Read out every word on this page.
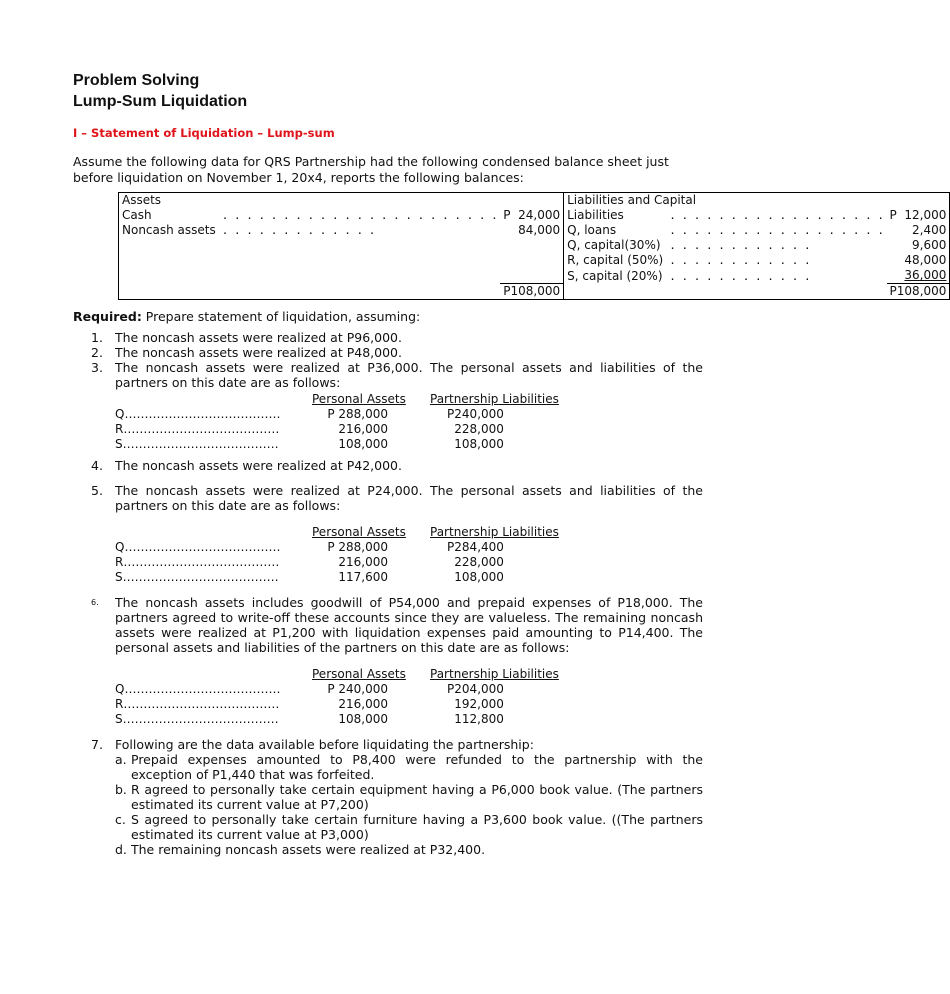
Problem Solving
Lump-Sum Liquidation
I – Statement of Liquidation – Lump-sum

Assume the following data for QRS Partnership had the following condensed balance sheet just before liquidation on November 1, 20x4, reports the following balances:

Assets			Liabilities and Capital		
Cash	. . . . . . . . . . . . . . . . . . . . . . .	P  24,000	Liabilities	. . . . . . . . . . . . . . . . . .	P  12,000
Noncash assets	. . . . . . . . . . . . .	84,000	Q, loans	. . . . . . . . . . . . . . . . . .	2,400
			Q, capital(30%)	. . . . . . . . . . . .	9,600
			R, capital (50%)	. . . . . . . . . . . .	48,000
			S, capital (20%)	. . . . . . . . . . . .	36,000
		P108,000			P108,000

Required: Prepare statement of liquidation, assuming:

1. The noncash assets were realized at P96,000.
2. The noncash assets were realized at P48,000.
3. The noncash assets were realized at P36,000. The personal assets and liabilities of the partners on this date are as follows:
	Personal Assets	Partnership Liabilities
Q…………………………………	P 288,000	P240,000
R…………………………………	216,000	228,000
S…………………………………	108,000	108,000
4. The noncash assets were realized at P42,000.
5. The noncash assets were realized at P24,000. The personal assets and liabilities of the partners on this date are as follows:
	Personal Assets	Partnership Liabilities
Q…………………………………	P 288,000	P284,400
R…………………………………	216,000	228,000
S…………………………………	117,600	108,000
6. The noncash assets includes goodwill of P54,000 and prepaid expenses of P18,000. The partners agreed to write-off these accounts since they are valueless. The remaining noncash assets were realized at P1,200 with liquidation expenses paid amounting to P14,400. The personal assets and liabilities of the partners on this date are as follows:
	Personal Assets	Partnership Liabilities
Q…………………………………	P 240,000	P204,000
R…………………………………	216,000	192,000
S…………………………………	108,000	112,800
7. Following are the data available before liquidating the partnership:
a. Prepaid expenses amounted to P8,400 were refunded to the partnership with the exception of P1,440 that was forfeited.
b. R agreed to personally take certain equipment having a P6,000 book value. (The partners estimated its current value at P7,200)
c. S agreed to personally take certain furniture having a P3,600 book value. ((The partners estimated its current value at P3,000)
d. The remaining noncash assets were realized at P32,400.
